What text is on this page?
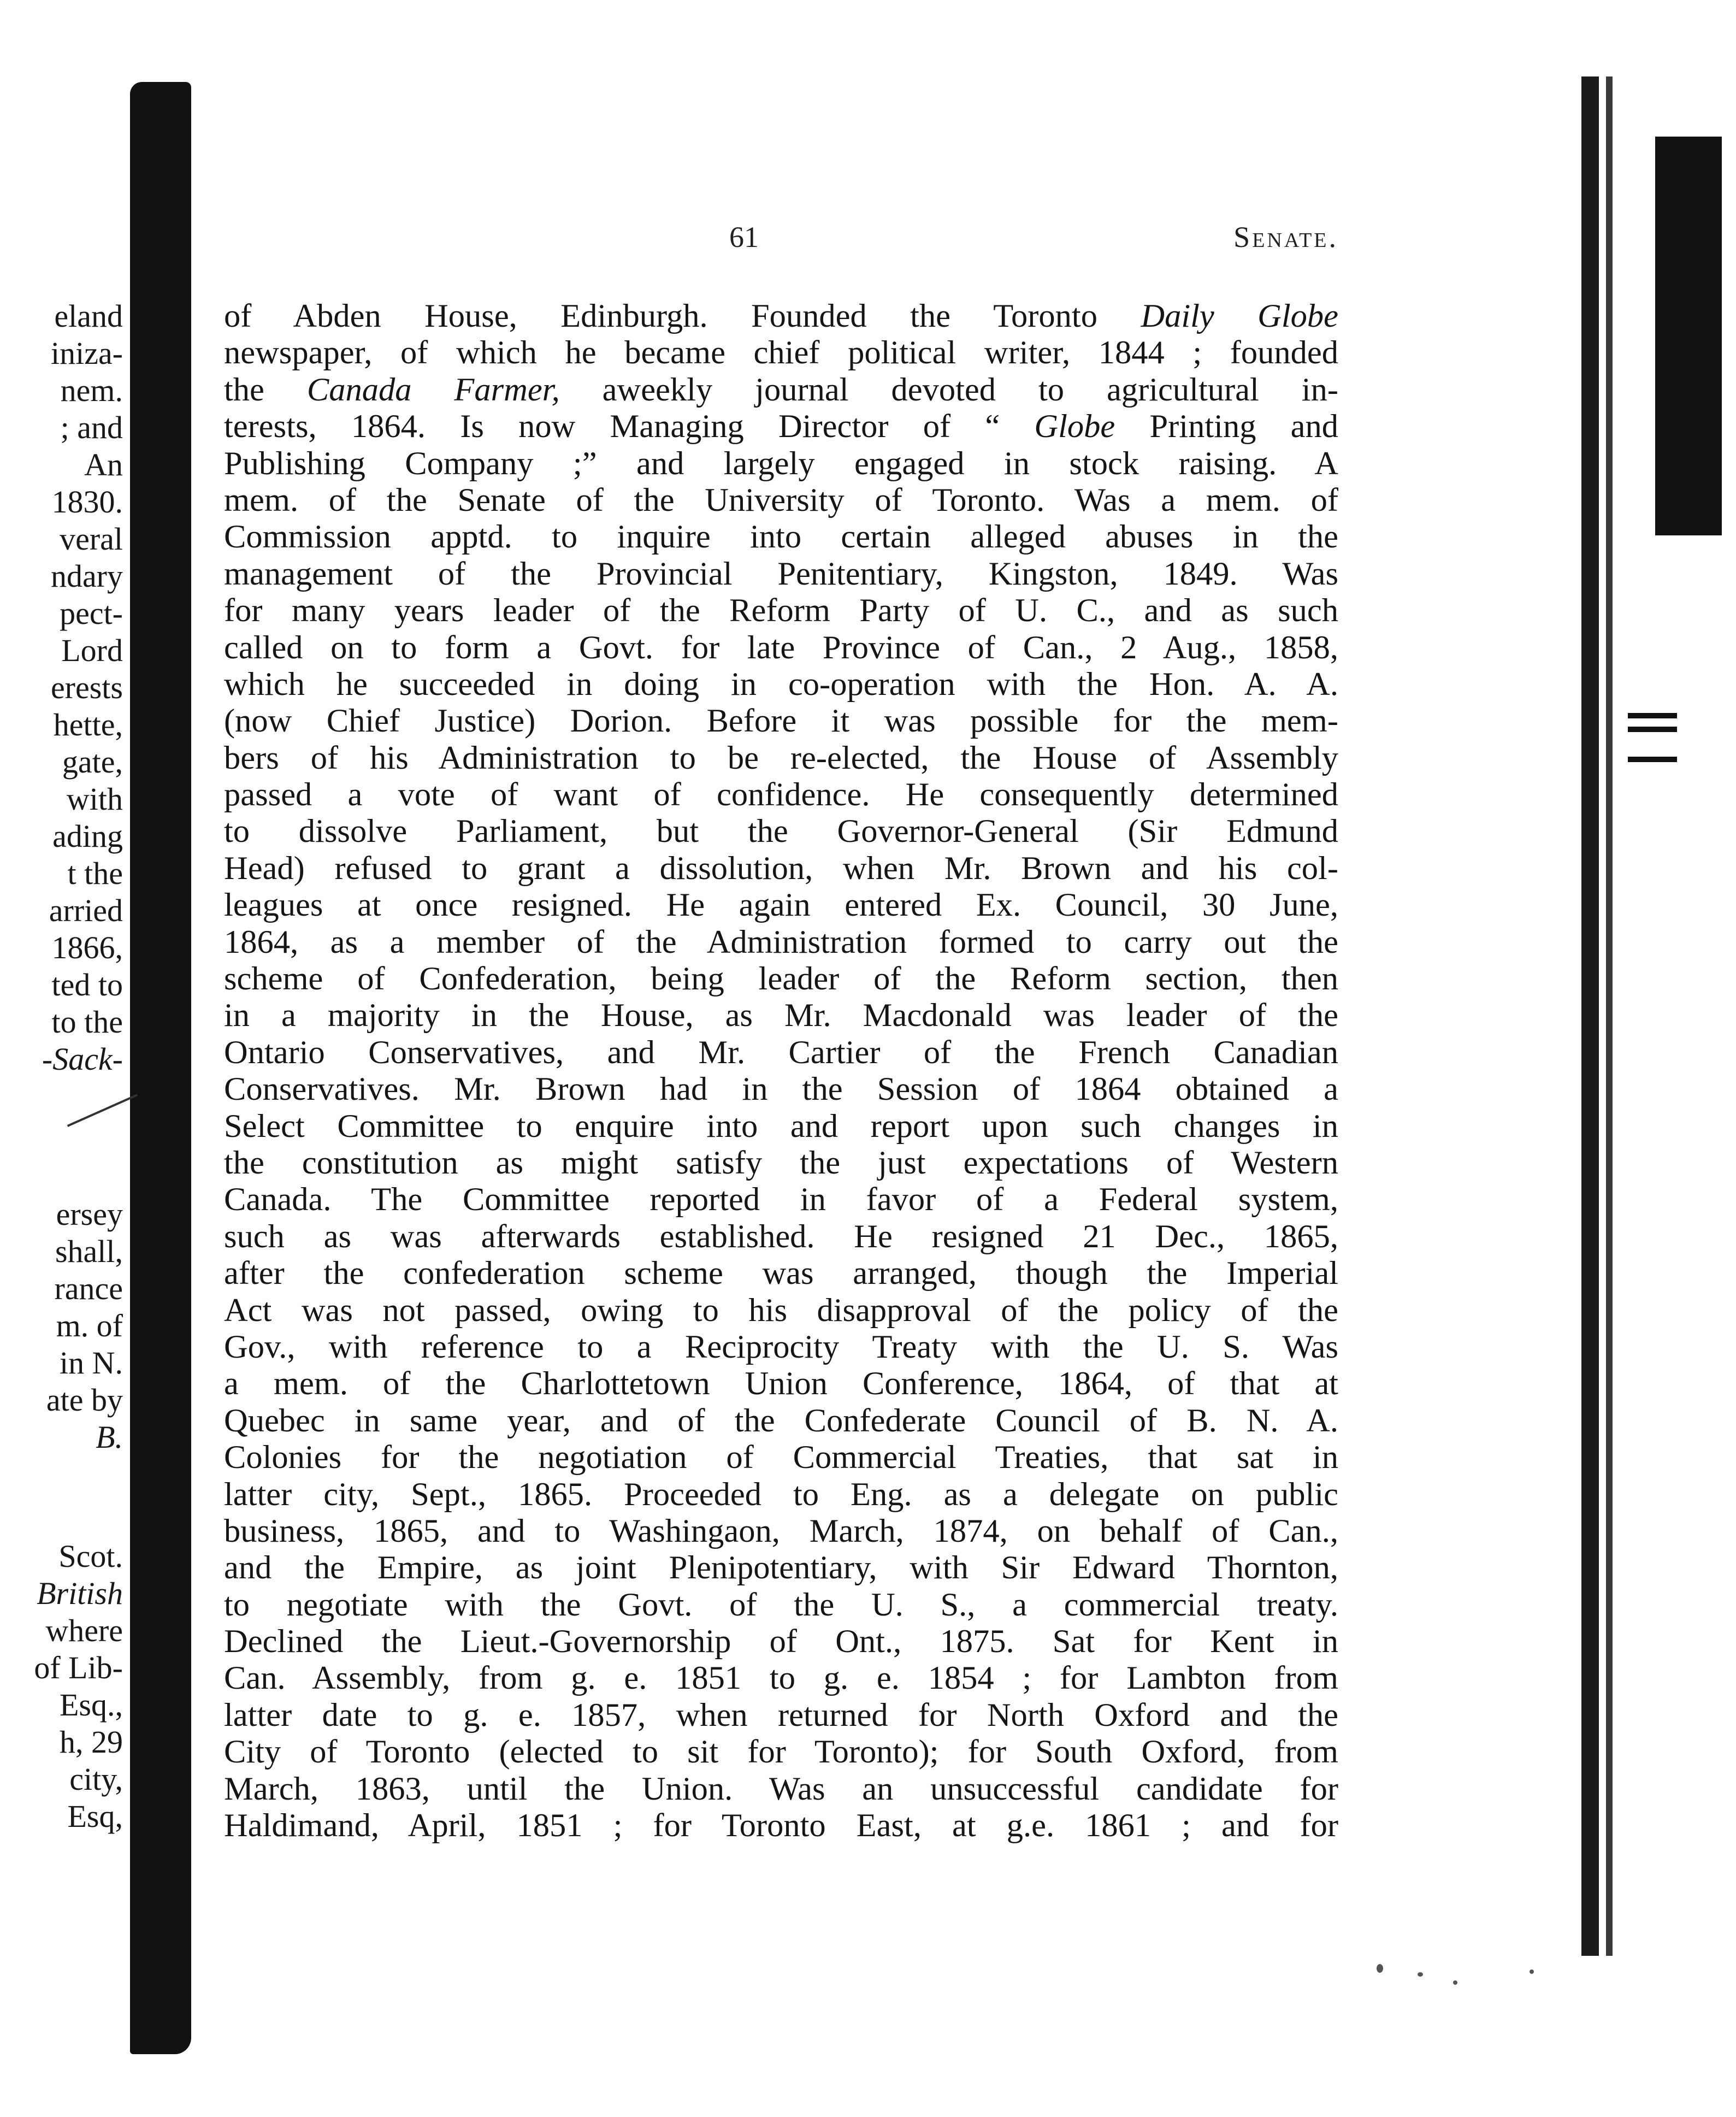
eland
iniza-
nem.
; and
An
1830.
veral
ndary
pect-
Lord
erests
hette,
gate,
with
ading
t the
arried
1866,
ted to
to the
-Sack-
ersey
shall,
rance
m. of
in N.
ate by
B.
Scot.
British
where
of Lib-
Esq.,
h, 29
city,
Esq,
61	Senate.
of Abden House, Edinburgh. Founded the Toronto Daily Globe
newspaper, of which he became chief political writer, 1844 ; founded
the Canada Farmer, aweekly journal devoted to agricultural in-
terests, 1864. Is now Managing Director of “ Globe Printing and
Publishing Company ;” and largely engaged in stock raising. A
mem. of the Senate of the University of Toronto. Was a mem. of
Commission apptd. to inquire into certain alleged abuses in the
management of the Provincial Penitentiary, Kingston, 1849. Was
for many years leader of the Reform Party of U. C., and as such
called on to form a Govt. for late Province of Can., 2 Aug., 1858,
which he succeeded in doing in co-operation with the Hon. A. A.
(now Chief Justice) Dorion. Before it was possible for the mem-
bers of his Administration to be re-elected, the House of Assembly
passed a vote of want of confidence. He consequently determined
to dissolve Parliament, but the Governor-General (Sir Edmund
Head) refused to grant a dissolution, when Mr. Brown and his col-
leagues at once resigned. He again entered Ex. Council, 30 June,
1864, as a member of the Administration formed to carry out the
scheme of Confederation, being leader of the Reform section, then
in a majority in the House, as Mr. Macdonald was leader of the
Ontario Conservatives, and Mr. Cartier of the French Canadian
Conservatives. Mr. Brown had in the Session of 1864 obtained a
Select Committee to enquire into and report upon such changes in
the constitution as might satisfy the just expectations of Western
Canada. The Committee reported in favor of a Federal system,
such as was afterwards established. He resigned 21 Dec., 1865,
after the confederation scheme was arranged, though the Imperial
Act was not passed, owing to his disapproval of the policy of the
Gov., with reference to a Reciprocity Treaty with the U. S. Was
a mem. of the Charlottetown Union Conference, 1864, of that at
Quebec in same year, and of the Confederate Council of B. N. A.
Colonies for the negotiation of Commercial Treaties, that sat in
latter city, Sept., 1865. Proceeded to Eng. as a delegate on public
business, 1865, and to Washingaon, March, 1874, on behalf of Can.,
and the Empire, as joint Plenipotentiary, with Sir Edward Thornton,
to negotiate with the Govt. of the U. S., a commercial treaty.
Declined the Lieut.-Governorship of Ont., 1875. Sat for Kent in
Can. Assembly, from g. e. 1851 to g. e. 1854 ; for Lambton from
latter date to g. e. 1857, when returned for North Oxford and the
City of Toronto (elected to sit for Toronto); for South Oxford, from
March, 1863, until the Union. Was an unsuccessful candidate for
Haldimand, April, 1851 ; for Toronto East, at g.e. 1861 ; and for
